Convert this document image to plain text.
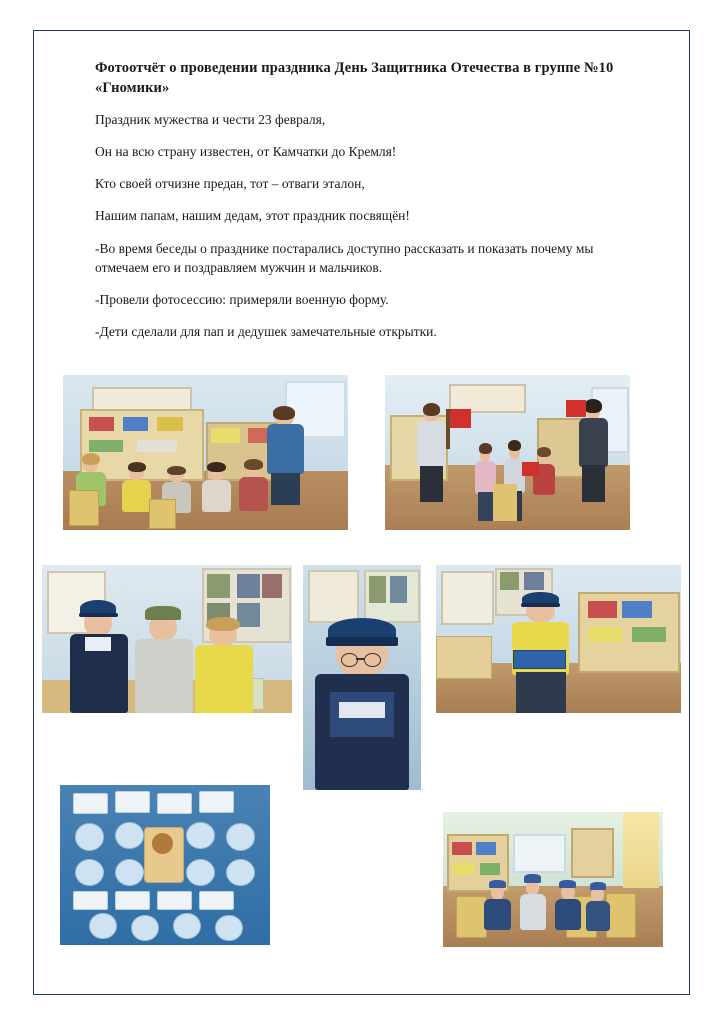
Фотоотчёт о проведении праздника День Защитника Отечества в группе №10 «Гномики»

Праздник мужества и чести 23 февраля,

Он на всю страну известен, от Камчатки до Кремля!

Кто своей отчизне предан, тот – отваги эталон,

Нашим папам, нашим дедам, этот праздник посвящён!

-Во время беседы о празднике постарались доступно рассказать и показать почему мы отмечаем его и поздравляем мужчин и мальчиков.

-Провели фотосессию: примеряли военную форму.

-Дети сделали для пап и дедушек замечательные открытки.
